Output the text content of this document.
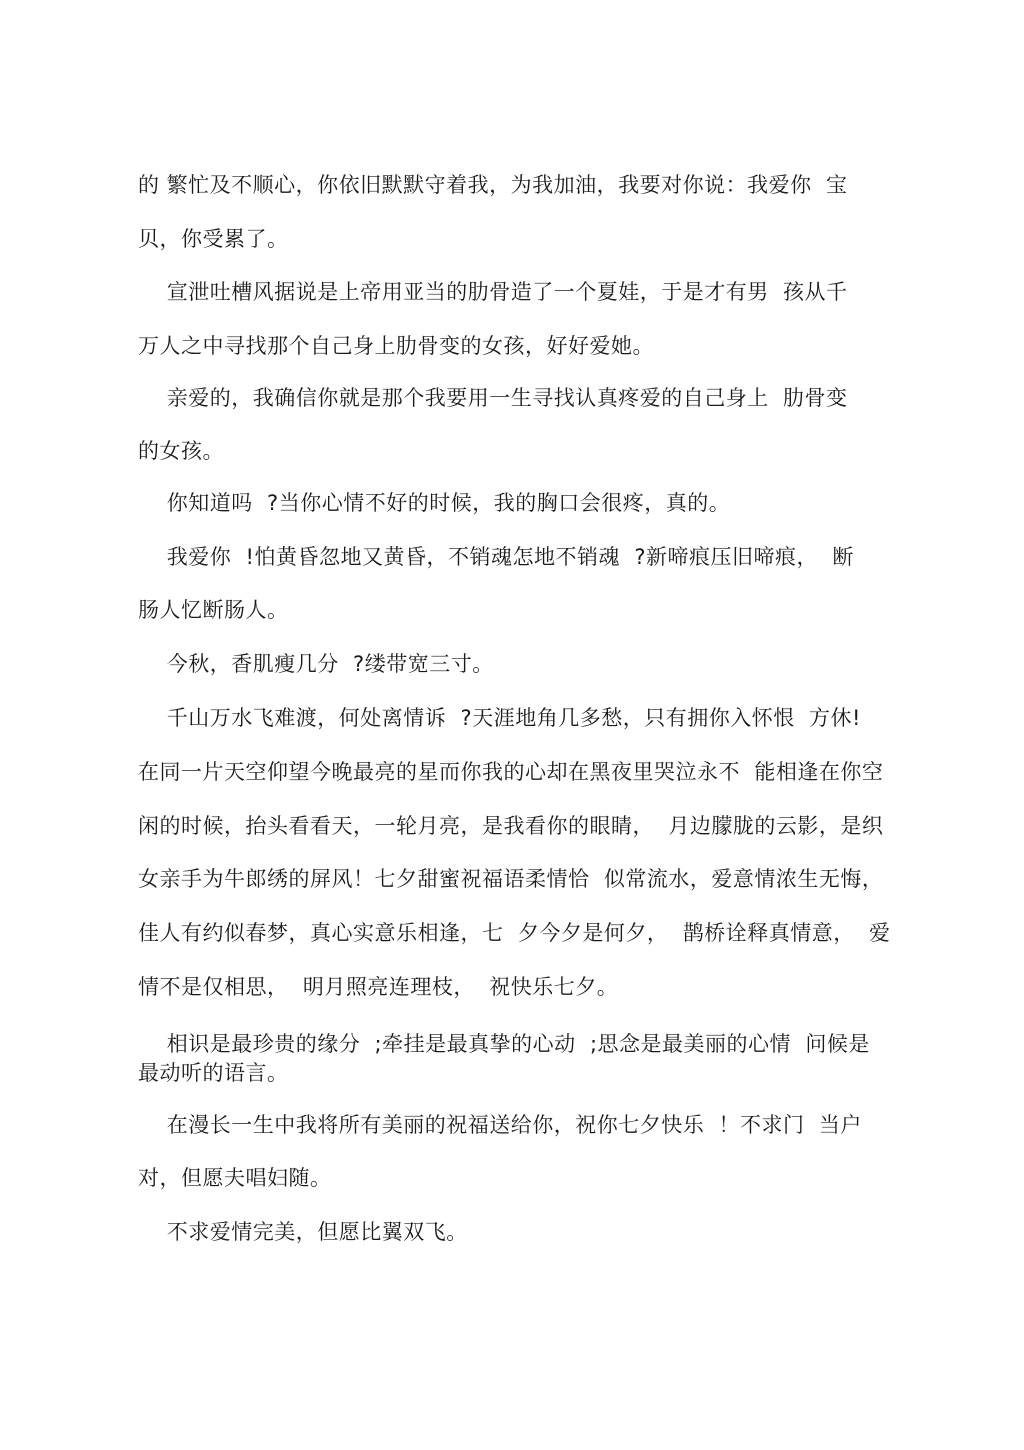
的 繁忙及不顺心，你依旧默默守着我，为我加油，我要对你说：我爱你  宝
贝，你受累了。
宣泄吐槽风据说是上帝用亚当的肋骨造了一个夏娃，于是才有男  孩从千
万人之中寻找那个自己身上肋骨变的女孩，好好爱她。
亲爱的，我确信你就是那个我要用一生寻找认真疼爱的自己身上  肋骨变
的女孩。
你知道吗  ?当你心情不好的时候，我的胸口会很疼，真的。
我爱你  !怕黄昏忽地又黄昏，不销魂怎地不销魂  ?新啼痕压旧啼痕，  断
肠人忆断肠人。
今秋，香肌瘦几分  ?缕带宽三寸。
千山万水飞难渡，何处离情诉  ?天涯地角几多愁，只有拥你入怀恨  方休!
在同一片天空仰望今晚最亮的星而你我的心却在黑夜里哭泣永不  能相逢在你空
闲的时候，抬头看看天，一轮月亮，是我看你的眼睛，  月边朦胧的云影，是织
女亲手为牛郎绣的屏风！七夕甜蜜祝福语柔情恰  似常流水，爱意情浓生无悔，
佳人有约似春梦，真心实意乐相逢，七  夕今夕是何夕，  鹊桥诠释真情意，  爱
情不是仅相思，  明月照亮连理枝，  祝快乐七夕。
相识是最珍贵的缘分  ;牵挂是最真挚的心动  ;思念是最美丽的心情  问候是
最动听的语言。
在漫长一生中我将所有美丽的祝福送给你，祝你七夕快乐  ！不求门  当户
对，但愿夫唱妇随。
不求爱情完美，但愿比翼双飞。
